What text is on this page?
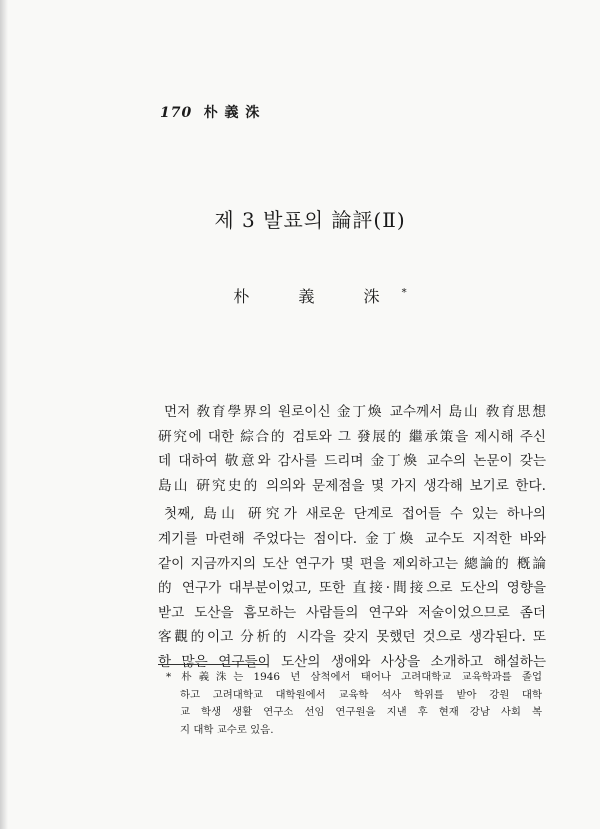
170 朴 義 洙
제 3 발표의 論評(Ⅱ)
朴 義 洙*
먼저 敎育學界의 원로이신 金丁煥 교수께서 島山 敎育思想
硏究에 대한 綜合的 검토와 그 發展的 繼承策을 제시해 주신
데 대하여 敬意와 감사를 드리며 金丁煥 교수의 논문이 갖는
島山 硏究史的 의의와 문제점을 몇 가지 생각해 보기로 한다.
첫째, 島山 硏究가 새로운 단계로 접어들 수 있는 하나의
계기를 마련해 주었다는 점이다. 金丁煥 교수도 지적한 바와
같이 지금까지의 도산 연구가 몇 편을 제외하고는 總論的 槪論
的 연구가 대부분이었고, 또한 直接·間接으로 도산의 영향을
받고 도산을 흠모하는 사람들의 연구와 저술이었으므로 좀더
客觀的이고 分析的 시각을 갖지 못했던 것으로 생각된다. 또
한 많은 연구들이 도산의 생애와 사상을 소개하고 해설하는
* 朴義洙는 1946 년 삼척에서 태어나 고려대학교 교육학과를 졸업
하고 고려대학교 대학원에서 교육학 석사 학위를 받아 강원 대학
교 학생 생활 연구소 선임 연구원을 지낸 후 현재 강남 사회 복
지 대학 교수로 있음.
